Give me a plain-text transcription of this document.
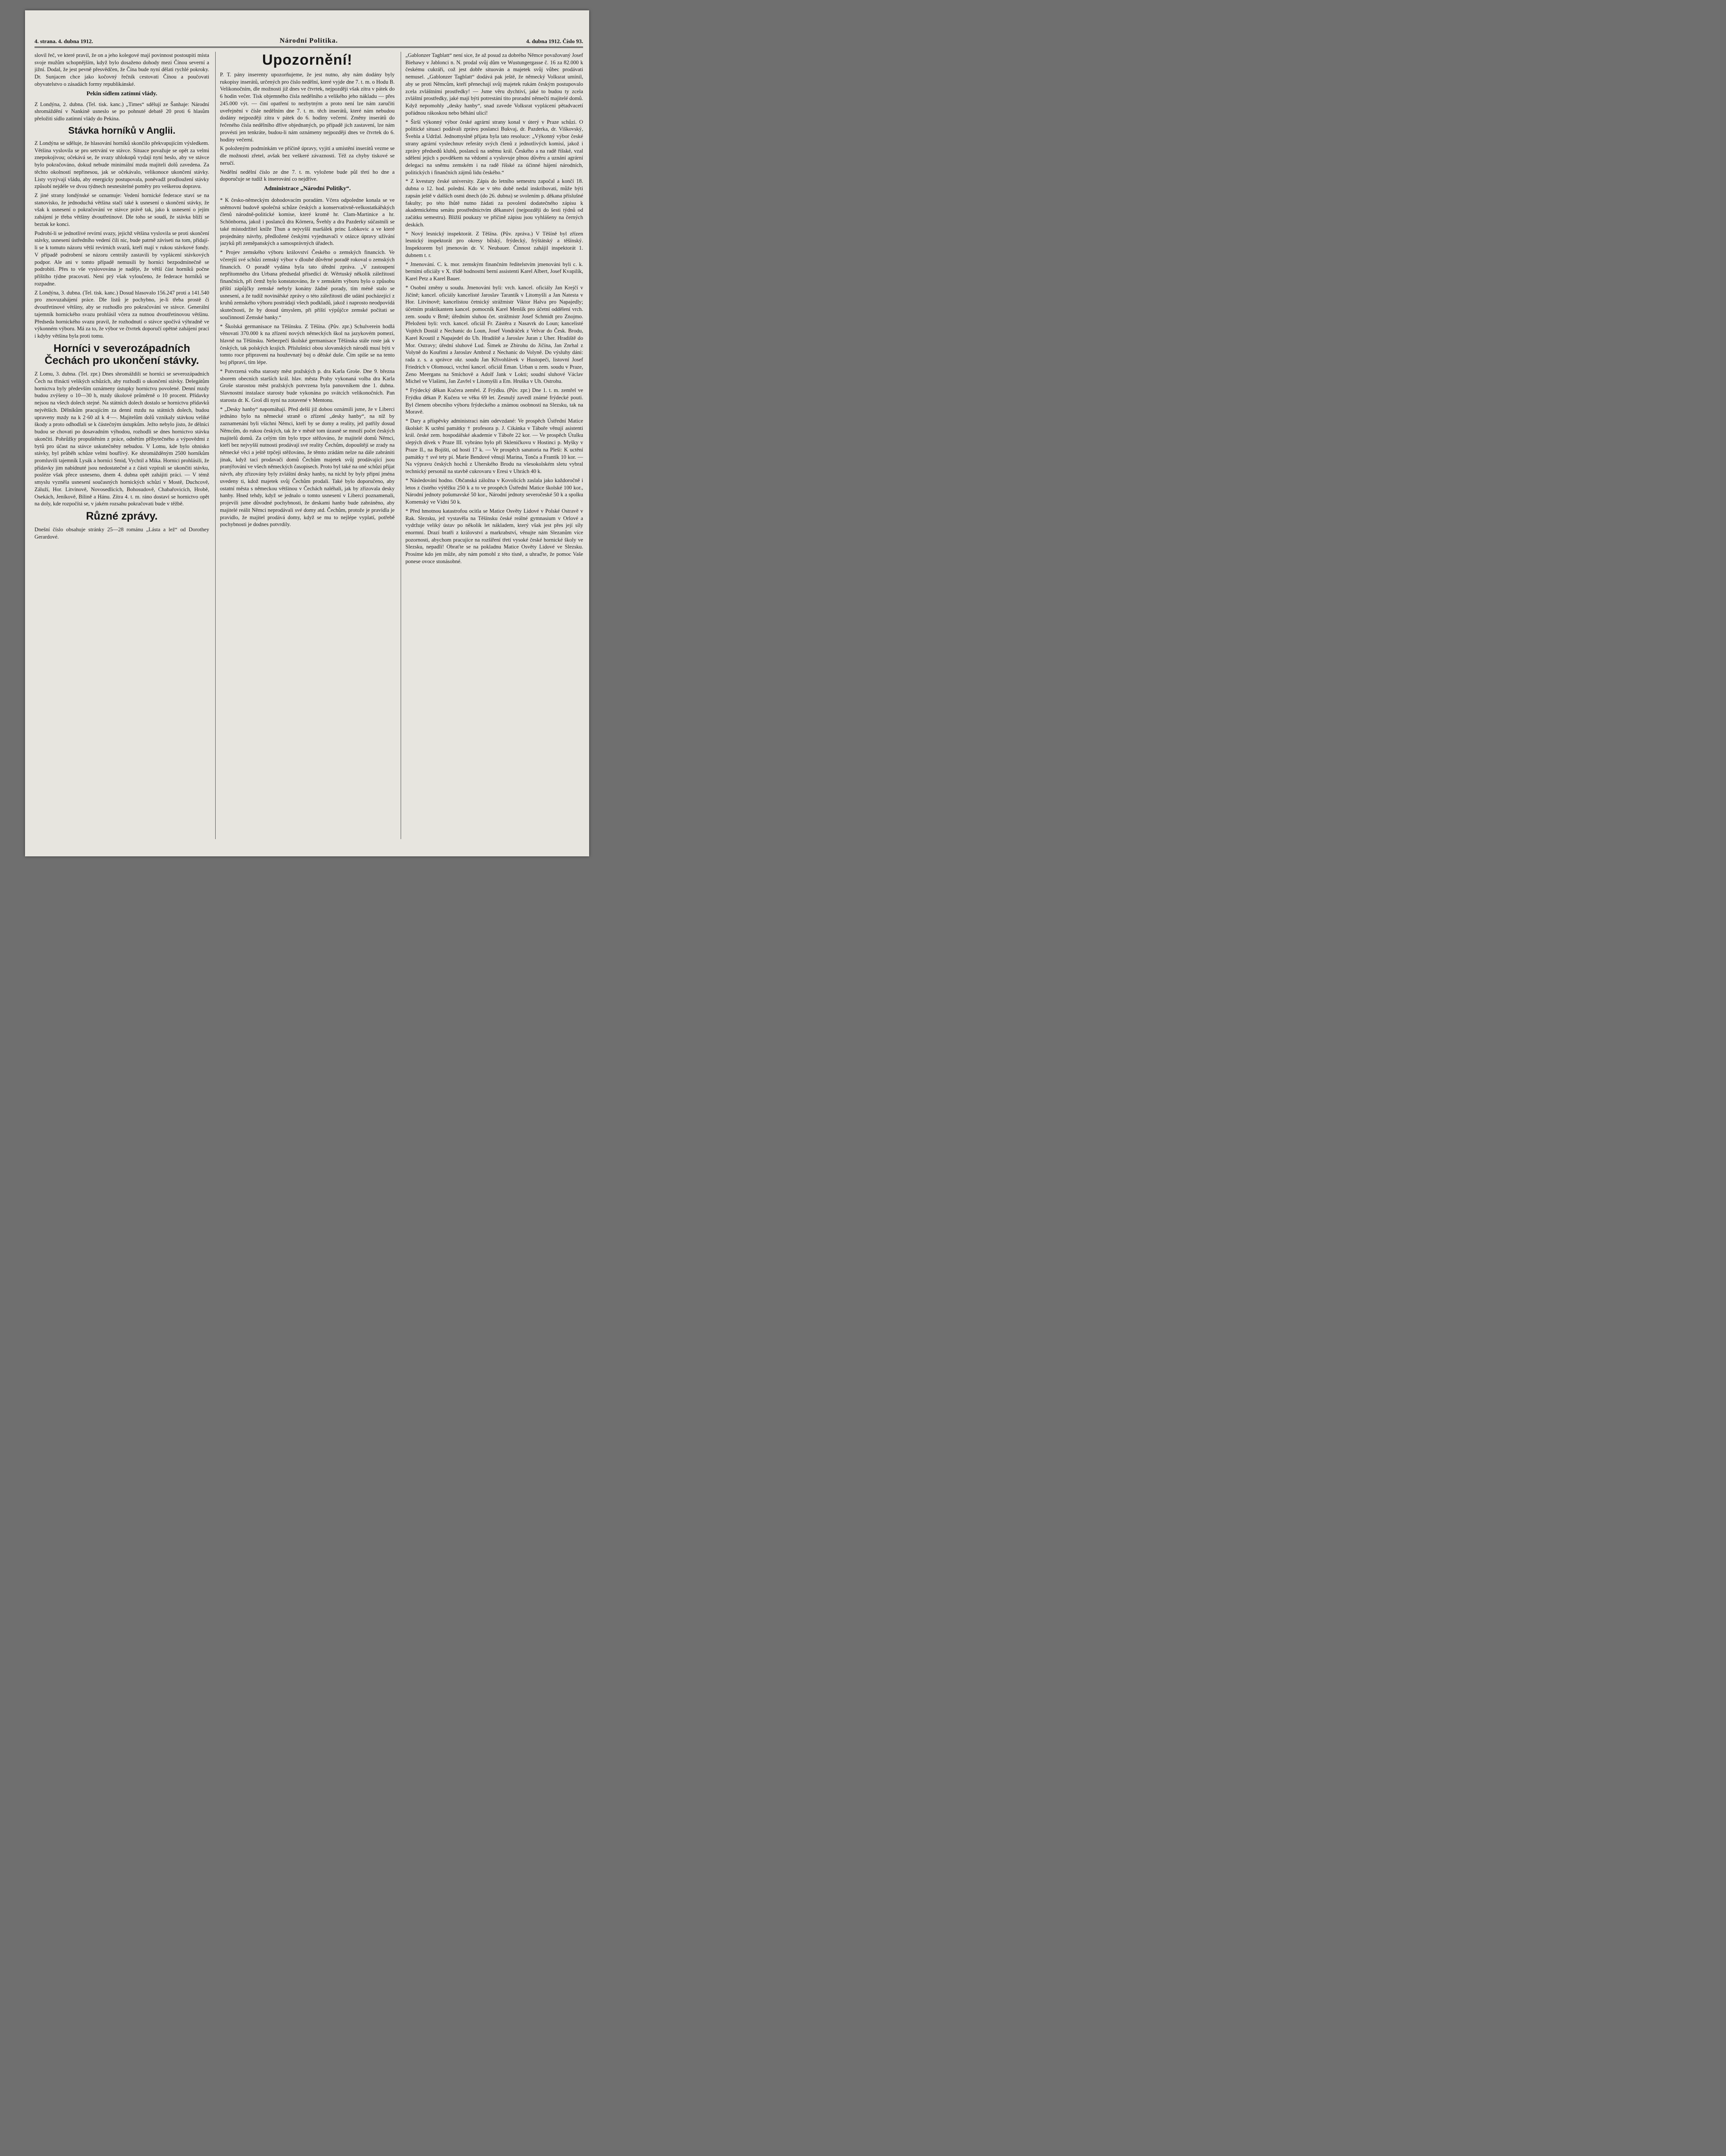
4. strana. 4. dubna 1912.	Národní Politika.	4. dubna 1912. Číslo 93.

slovil řeč, ve které pravil, že on a jeho kolegové mají povinnost postoupiti místa svoje mužům schopnějším, když bylo dosaženo dohody mezi Čínou severní a jižní. Dodal, že jest pevně přesvědčen, že Čína bude nyní dělati rychlé pokroky. Dr. Sunjacen chce jako kočovný řečník cestovati Čínou a poučovati obyvatelstvo o zásadách formy republikánské.

Pekin sídlem zatímní vlády.

Z Londýna, 2. dubna. (Tel. tisk. kanc.) „Times“ sdělují ze Šanhaje: Národní shromáždění v Nankině usneslo se po pohnuté debatě 20 proti 6 hlasům přeložiti sídlo zatímní vlády do Pekina.

Stávka horníků v Anglii.

Z Londýna se sděluje, že hlasování horníků skončilo překvapujícím výsledkem. Většina vyslovila se pro setrvání ve stávce. Situace považuje se opět za velmi znepokojivou; očekává se, že svazy uhlokopů vydají nyní heslo, aby ve stávce bylo pokračováno, dokud nebude minimální mzda majiteli dolů zavedena. Za těchto okolností nepřinesou, jak se očekávalo, velikonoce ukončení stávky. Listy vyzývají vládu, aby energicky postupovala, poněvadž prodloužení stávky způsobí nejdéle ve dvou týdnech nesnesitelné poměry pro veškerou dopravu.

Z jiné strany londýnské se oznamuje: Vedení hornické federace staví se na stanovisko, že jednoduchá většina stačí také k usnesení o skončení stávky, že však k usnesení o pokračování ve stávce právě tak, jako k usnesení o jejím zahájení je třeba většiny dvoutřetinové. Dle toho se soudí, že stávka blíží se beztak ke konci.

Podrobí-li se jednotlivé revírní svazy, jejichž většina vyslovila se proti skončení stávky, usnesení ústředního vedení čili nic, bude patrně záviseti na tom, přidají-li se k tomuto názoru větší revírních svazů, kteří mají v rukou stávkové fondy. V případě podrobení se názoru centrály zastavili by vyplácení stávkových podpor. Ale ani v tomto případě nemusili by horníci bezpodmínečně se podrobiti. Přes to vše vyslovována je naděje, že větší část horníků počne příštího týdne pracovati. Není prý však vyloučeno, že federace horníků se rozpadne.

Z Londýna, 3. dubna. (Tel. tisk. kanc.) Dosud hlasovalo 156.247 proti a 141.540 pro znovuzahájení práce. Dle listů je pochybno, je-li třeba prostě či dvoutřetinové většiny, aby se rozhodlo pro pokračování ve stávce. Generální tajemník hornického svazu prohlásil včera za nutnou dvoutřetinovou většinu. Předseda hornického svazu pravil, že rozhodnutí o stávce spočívá výhradně ve výkonném výboru. Má za to, že výbor ve čtvrtek doporučí opětné zahájení prací i kdyby většina byla proti tomu.

Horníci v severozápadních Čechách pro ukončení stávky.

Z Lomu, 3. dubna. (Tel. zpr.) Dnes shromáždili se horníci se severozápadních Čech na třinácti velikých schůzích, aby rozhodli o ukončení stávky. Delegátům hornictva byly především oznámeny ústupky hornictvu povolené. Denní mzdy budou zvýšeny o 10—30 h, mzdy úkolové průměrně o 10 procent. Přídavky nejsou na všech dolech stejné. Na státních dolech dostalo se hornictvu přídavků největších. Dělníkům pracujícím za denní mzdu na státních dolech, budou upraveny mzdy na k 2·60 až k 4·—. Majitelům dolů vznikaly stávkou veliké škody a proto odhodlali se k částečným ústupkům. Ježto nebylo jisto, že dělníci budou se chovati po dosavadním výhodou, rozhodli se dnes hornictvo stávku ukončiti. Pohrůžky propuštěním z práce, odnětím příbytečného a výpovědmi z bytů pro účast na stávce uskutečněny nebudou. V Lomu, kde bylo ohnisko stávky, byl průběh schůze velmi bouřlivý. Ke shromážděným 2500 horníkům promluvili tajemník Lysák a horníci Smid, Vychtil a Mika. Hornici prohlásili, že přídavky jim nabídnuté jsou nedostatečné a z části vzpírali se ukončiti stávku, posléze však přece usneseno, dnem 4. dubna opět zahájiti práci. — V témž smyslu vyzněla usnesení současných hornických schůzí v Mostě, Duchcově, Záluží, Hor. Litvínově, Novosedlicích, Bohosudově, Chabařovicích, Hrobě, Osekách, Jeníkově, Bílině a Hánu. Zítra 4. t. m. ráno dostaví se hornictvo opět na doly, kde rozpočítá se, v jakém rozsahu pokračovati bude v těžbě.

Různé zprávy.

Dnešní číslo obsahuje stránky 25—28 románu „Lásta a lež“ od Dorothey Gerardové.

Upozornění!

P. T. pány inserenty upozorňujeme, že jest nutno, aby nám dodány byly rukopisy inserátů, určených pro číslo nedělní, které vyjde dne 7. t. m. o Hodu B. Velikonočním, dle možnosti již dnes ve čtvrtek, nejpozději však zítra v pátek do 6 hodin večer. Tisk objemného čísla nedělního a velikého jeho nákladu — přes 245.000 výt. — činí opatření to nezbytným a proto není lze nám zaručiti uveřejnění v čísle nedělním dne 7. t. m. těch inserátů, které nám nebudou dodány nejpozději zítra v pátek do 6. hodiny večerní. Změny inserátů do řečeného čísla nedělního dříve objednaných, po případě jich zastavení, lze nám provésti jen tenkráte, budou-li nám oznámeny nejpozději dnes ve čtvrtek do 6. hodiny večerní.

K položeným podmínkám ve příčině úpravy, vyjití a umístění inserátů vezme se dle možnosti zřetel, avšak bez veškeré závaznosti. Též za chyby tiskové se neručí.

Nedělní nedělní číslo ze dne 7. t. m. vyložene bude půl třetí ho dne a doporučuje se tudíž k inserování co nejdříve.

Administrace „Národní Politiky“.

* K česko-německým dohodovacím poradám. Včera odpoledne konala se ve sněmovní budově společná schůze českých a konservativně-velkostatkářských členů národně-politické komise, které kromě hr. Clam-Martinice a hr. Schönborna, jakož i poslanců dra Körnera, Švehly a dra Pazderky súčastnili se také místodržitel kníže Thun a nejvyšší maršálek princ Lobkovic a ve které projednány návrhy, předložené českými vyjednavači v otázce úpravy užívání jazyků při zeměpanských a samosprávných úřadech.

* Projev zemského výboru království Českého o zemských financích. Ve včerejší své schůzi zemský výbor v dlouhé důvěrné poradě rokoval o zemských financích. O poradě vydána byla tato úřední zpráva. „V zastoupení nepřítomného dra Urbana předsedal přísedící dr. Wěrtuský několik záležitostí finančních, při čemž bylo konstatováno, že v zemském výboru bylo o způsobu příští zápůjčky zemské nebyly konány žádné porady, tím méně stalo se usnesení, a že tudíž novinářské zprávy o této záležitosti dle udání pocházející z kruhů zemského výboru postrádají všech podkladů, jakož i naprosto neodpovídá skutečnosti, že by dosud úmyslem, při příští výpůjčce zemské počítati se součinností Zemské banky.“

* Školská germanisace na Těšínsku. Z Těšína. (Pův. zpr.) Schulverein hodlá věnovati 370.000 k na zřízení nových německých škol na jazykovém pomezí, hlavně na Těšínsku. Nebezpečí školské germanisace Těšínska stále roste jak v českých, tak polských krajích. Příslušníci obou slovanských národů musí býti v tomto roce připraveni na houževnatý boj o dětské duše. Čím spíše se na tento boj připraví, tím lépe.

* Potvrzená volba starosty měst pražských p. dra Karla Groše. Dne 9. března sborem obecních starších král. hlav. města Prahy vykonaná volba dra Karla Groše starostou měst pražských potvrzena byla panovníkem dne 1. dubna. Slavnostní instalace starosty bude vykonána po svátcích velikonočních. Pan starosta dr. K. Groš dli nyní na zotavené v Mentonu.

* „Desky hanby“ napomáhají. Před delší již dobou oznámili jsme, že v Liberci jednáno bylo na německé straně o zřízení „desky hanby“, na níž by zaznamenáni byli všichni Němci, kteří by se domy a reality, jež patřily dosud Němcům, do rukou českých, tak že v městě tom úzasně se množí počet českých majitelů domů. Za celým tím bylo trpce stěžováno, že majitelé domů Němci, kteří bez nejvyšší nutnosti prodávají své reality Čechům, dopouštějí se zrady na německé věci a ještě trpčeji stěžováno, že těmto zrádám nelze na dále zabrániti jinak, když tací prodavači domů Čechům majetek svůj prodávající jsou pranýřování ve všech německých časopisech. Proto byl také na oné schůzi přijat návrh, aby zřizovány byly zvláštní desky hanby, na nichž by byly připní jména uvedeny ti, kdož majetek svůj Čechům prodali. Také bylo doporučeno, aby ostatní města s německou většinou v Čechách naléhali, jak by zřizovala desky hanby. Hned tehdy, když se jednalo o tomto usnesení v Liberci poznamenali, projevili jsme důvodné pochybnosti, že deskami hanby bude zabráněno, aby majitelé reálit Němci neprodávali své domy atd. Čechům, protože je pravidla je pravidlo, že majitel prodává domy, když se mu to nejlépe vyplatí, potřebě pochybnosti je dodnes potvrdily.

„Gablonzer Tagblatt“ není sice, že až posud za dobrého Němce považovaný Josef Biehawy v Jablonci n. N. prodal svůj dům ve Wustungergasse č. 16 za 82.000 k českému cukráři, což jest dobře situován a majetek svůj vůbec prodávati nemusel. „Gablonzer Tagblatt“ dodává pak ještě, že německý Volksrat umínil, aby se proti Němcům, kteří přenechají svůj majetek rukám českým postupovalo zcela zvláštními prostředky! — Jsme věru dychtiví, jaké to budou ty zcela zvláštní prostředky, jaké mají býti potrestání tito proradní němečtí majitelé domů. Když nepomohly „desky hanby“, snad zavede Volksrat vyplácení pětadvacetí pořádnou rákoskou nebo běhání ulicí!

* Širší výkonný výbor české agrární strany konal v úterý v Praze schůzi. O politické situaci podávali zprávu poslanci Bukvaj, dr. Pazderka, dr. Viškovský, Švehla a Udržal. Jednomyslně přijata byla tato resoluce: „Výkonný výbor české strany agrární vyslechnuv referáty svých členů z jednotlivých komisí, jakož i zprávy předsedů klubů, poslanců na sněmu král. Českého a na radě říšské, vzal sdělení jejich s povděkem na vědomí a vyslovuje plnou důvěru a uznání agrární delegaci na sněmu zemském i na radě říšské za účinné hájení národních, politických i finančních zájmů lidu českého.“

* Z kvestury české university. Zápis do letního semestru započal a končí 18. dubna o 12. hod. polední. Kdo se v této době nedal inskribovati, může býti zapsán ještě v dalších osmi dnech (do 26. dubna) se svolením p. děkana příslušné fakulty; po této lhůtě nutno žádati za povolení dodatečného zápisu k akademickému senátu prostřednictvím děkanství (nejpozději do šesti týdnů od začátku semestru). Bližší poukazy ve příčině zápisu jsou vyhlášeny na černých deskách.

* Nový lesnický inspektorát. Z Těšína. (Pův. zpráva.) V Těšíně byl zřízen lesnický inspektorát pro okresy bílský, frýdecký, frýštátský a těšínský. Inspektorem byl jmenován dr. V. Neubauer. Činnost zahájil inspektorát 1. dubnem t. r.

* Jmenování. C. k. mor. zemským finančním ředitelstvím jmenováni byli c. k. berními oficiály v X. třídě hodnostní berní assistenti Karel Albert, Josef Kvapilík, Karel Petz a Karel Bauer.

* Osobní změny u soudu. Jmenováni byli: vrch. kancel. oficiály Jan Krejčí v Jičíně; kancel. oficiály kancelisté Jaroslav Tarantík v Litomyšli a Jan Natesta v Hor. Litvínově; kancelistou četnický strážmistr Viktor Halva pro Napajedly; účetním praktikantem kancel. pomocník Karel Menšík pro účetní oddělení vrch. zem. soudu v Brně; úředním sluhou čet. strážmistr Josef Schmidt pro Znojmo. Přeloženi byli: vrch. kancel. oficiál Fr. Zástěra z Nasavrk do Loun; kancelisté Vojtěch Dostál z Nechanic do Loun, Josef Vondráček z Velvar do Česk. Brodu, Karel Kroutil z Napajedel do Uh. Hradiště a Jaroslav Juran z Uher. Hradiště do Mor. Ostravy; úřední sluhové Lud. Šimek ze Zbirohu do Jičína, Jan Znrhal z Volyně do Kouřimi a Jaroslav Ambrož z Nechanic do Volyně. Do výsluhy dáni: rada z. s. a správce okr. soudu Jan Křivohlávek v Hustopeči, listovní Josef Friedrich v Olomouci, vrchní kancel. oficiál Eman. Urban u zem. soudu v Praze, Zeno Meergans na Smíchově a Adolf Jank v Lokti; soudní sluhové Václav Michel ve Vlašimi, Jan Zavřel v Litomyšli a Em. Hruška v Uh. Ostrohu.

* Frýdecký děkan Kučera zemřel. Z Frýdku. (Pův. zpr.) Dne 1. t. m. zemřel ve Frýdku děkan P. Kučera ve věku 69 let. Zesnulý zavedl známé frýdecké pouti. Byl členem obecního výboru frýdeckého a známou osobností na Slezsku, tak na Moravě.

* Dary a příspěvky administraci nám odevzdané: Ve prospěch Ústřední Matice školské: K uctění památky † profesora p. J. Cikánka v Táboře věnují asistenti král. české zem. hospodářské akademie v Táboře 22 kor. — Ve prospěch Útulku slepých dívek v Praze III. vybráno bylo při Skleničkovu v Hostinci p. Myšky v Praze II., na Bojišti, od hostí 17 k. — Ve prospěch sanatoria na Pleši: K uctění památky † své tety pí. Marie Bendové věnují Marina, Tonča a Frantík 10 kor. — Na výpravu českých hochů z Uherského Brodu na všesokolském sletu vybral technický personál na stavbě cukrovaru v Eresi v Uhrách 40 k.

* Následování hodno. Občanská záložna v Kovolicích zaslala jako každoročně i letos z čistého výtěžku 250 k a to ve prospěch Ústřední Matice školské 100 kor., Národní jednoty pošumavské 50 kor., Národní jednoty severočeské 50 k a spolku Komenský ve Vídni 50 k.

* Před hmotnou katastrofou ocitla se Matice Osvěty Lidové v Polské Ostravě v Rak. Slezsku, jež vystavěla na Těšínsku české reálné gymnasium v Orlové a vydržuje veliký ústav po několik let nákladem, který však jest přes její síly enormní. Drazí bratři z království a markrabství, věnujte nám Slezanům více pozornosti, abychom pracujíce na rozšíření třetí vysoké české hornické školy ve Slezsku, nepadli! Obraťte se na pokladnu Matice Osvěty Lidové ve Slezsku. Prosíme kdo jen může, aby nám pomohl z této tísně, a uhraďte, že pomoc Vaše ponese ovoce stonásobné.
